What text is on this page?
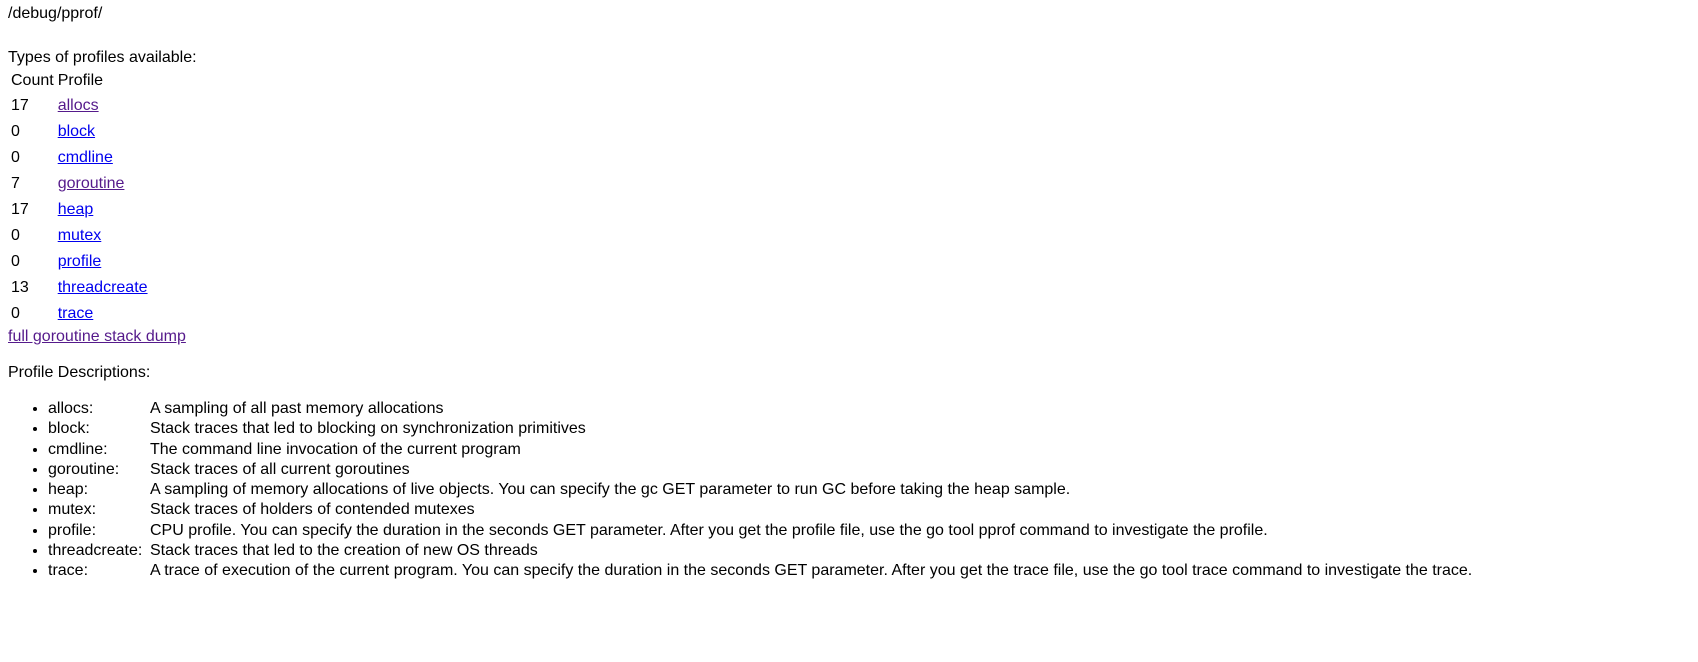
/debug/pprof/
Types of profiles available:
Count	Profile
17	allocs
0	block
0	cmdline
7	goroutine
17	heap
0	mutex
0	profile
13	threadcreate
0	trace
full goroutine stack dump
Profile Descriptions:
• allocs:	A sampling of all past memory allocations
• block:	Stack traces that led to blocking on synchronization primitives
• cmdline:	The command line invocation of the current program
• goroutine:	Stack traces of all current goroutines
• heap:	A sampling of memory allocations of live objects. You can specify the gc GET parameter to run GC before taking the heap sample.
• mutex:	Stack traces of holders of contended mutexes
• profile:	CPU profile. You can specify the duration in the seconds GET parameter. After you get the profile file, use the go tool pprof command to investigate the profile.
• threadcreate: Stack traces that led to the creation of new OS threads
• trace:	A trace of execution of the current program. You can specify the duration in the seconds GET parameter. After you get the trace file, use the go tool trace command to investigate the trace.
